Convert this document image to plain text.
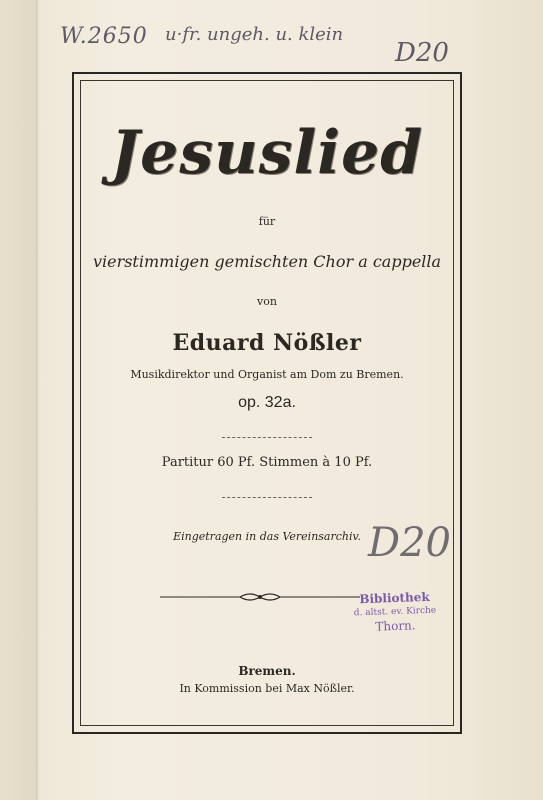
W.2650 u·fr. ungeh. u. klein
D20
Jesuslied
für
vierstimmigen gemischten Chor a cappella
von
Eduard Nößler
Musikdirektor und Organist am Dom zu Bremen.
op. 32a.
Partitur 60 Pf. Stimmen à 10 Pf.
Eingetragen in das Vereinsarchiv. D20
Bibliothek
d. altst. ev. Kirche
Thorn.
Bremen.
In Kommission bei Max Nößler.
